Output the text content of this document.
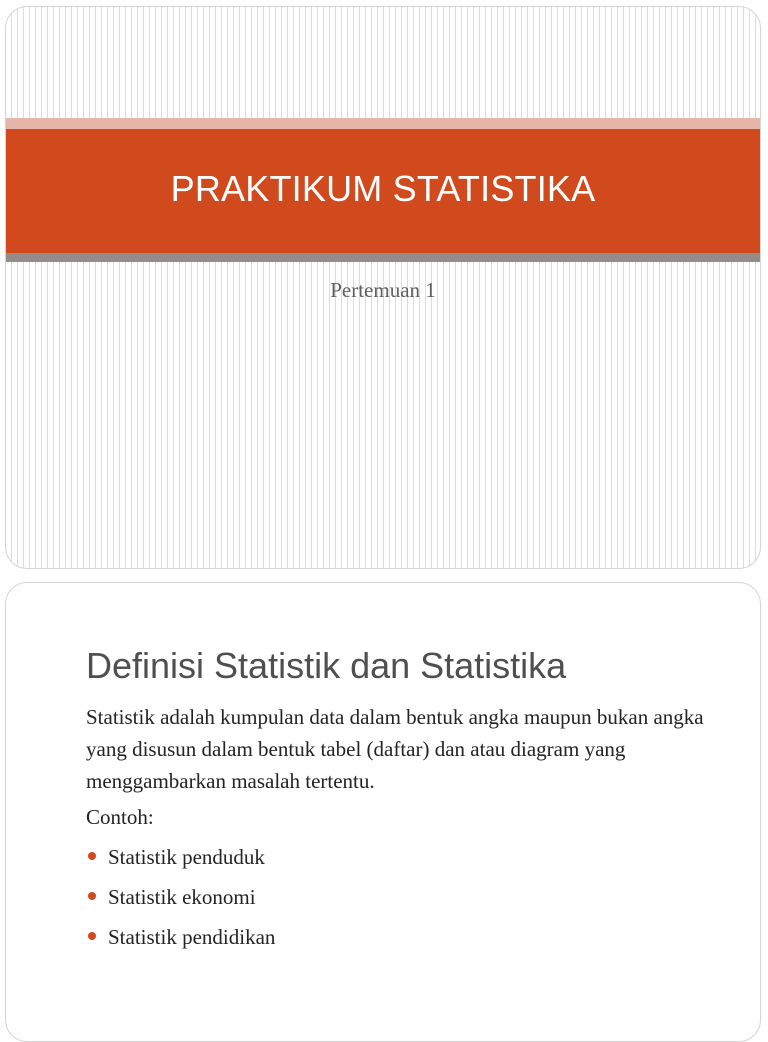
PRAKTIKUM STATISTIKA
Pertemuan 1
Definisi Statistik dan Statistika

Statistik adalah kumpulan data dalam bentuk angka maupun bukan angka yang disusun dalam bentuk tabel (daftar) dan atau diagram yang menggambarkan masalah tertentu.

Contoh:

Statistik penduduk
Statistik ekonomi
Statistik pendidikan
